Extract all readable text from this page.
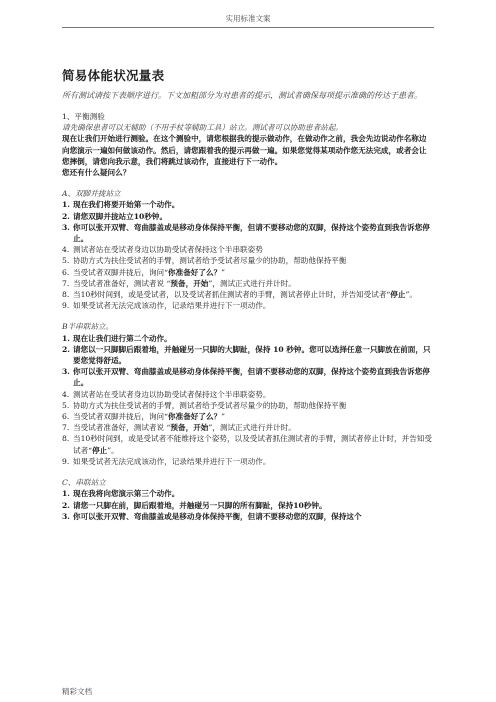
实用标准文案
简易体能状况量表
所有测试请按下表顺序进行。下文加粗部分为对患者的提示，测试者确保每项提示准确的传达于患者。
1、平衡测验
请先确保患者可以无辅助（不用手杖等辅助工具）站立。测试者可以协助患者站起。
现在让我们开始进行测验。在这个测验中，请您根据我的提示做动作，在做动作之前，我会先边说动作名称边向您演示一遍如何做该动作。然后，请您跟着我的提示再做一遍。如果您觉得某项动作您无法完成，或者会让您摔倒，请您向我示意，我们将跳过该动作，直接进行下一动作。
您还有什么疑问么？
A、双脚并拢站立
1. 现在我们将要开始第一个动作。
2. 请您双脚并拢站立10秒钟。
3. 你可以张开双臂、弯曲膝盖或是移动身体保持平衡，但请不要移动您的双脚，保持这个姿势直到我告诉您停止。
4. 测试者站在受试者身边以协助受试者保持这个半串联姿势
5. 协助方式为扶住受试者的手臂，测试者给予受试者尽量少的协助，帮助他保持平衡
6. 当受试者双脚并拢后，询问“你准备好了么？”
7. 当受试者准备好，测试者说 “预备，开始”，测试正式进行并计时。
8. 当10秒时间到，或是受试者，以及受试者抓住测试者的手臂，测试者停止计时，并告知受试者“停止”。
9. 如果受试者无法完成该动作，记录结果并进行下一项动作。
B半串联站立。
1. 现在让我们进行第二个动作。
2. 请您以一只脚脚后跟着地，并触碰另一只脚的大脚趾，保持 10 秒钟。您可以选择任意一只脚放在前面，只要您觉得舒适。
3. 你可以张开双臂、弯曲膝盖或是移动身体保持平衡，但请不要移动您的双脚，保持这个姿势直到我告诉您停止。
4. 测试者站在受试者身边以协助受试者保持这个半串联姿势。
5. 协助方式为扶住受试者的手臂，测试者给予受试者尽量少的协助，帮助他保持平衡
6. 当受试者双脚并拢后，询问“你准备好了么？”
7. 当受试者准备好，测试者说 “预备，开始”，测试正式进行并计时。
8. 当10秒时间到，或是受试者不能维持这个姿势，以及受试者抓住测试者的手臂，测试者停止计时，并告知受试者“停止”。
9. 如果受试者无法完成该动作，记录结果并进行下一项动作。
C、串联站立
1. 现在我将向您演示第三个动作。
2. 请您一只脚在前，脚后跟着地，并触碰另一只脚的所有脚趾，保持10秒钟。
3. 你可以张开双臂、弯曲膝盖或是移动身体保持平衡，但请不要移动您的双脚，保持这个
精彩文档
